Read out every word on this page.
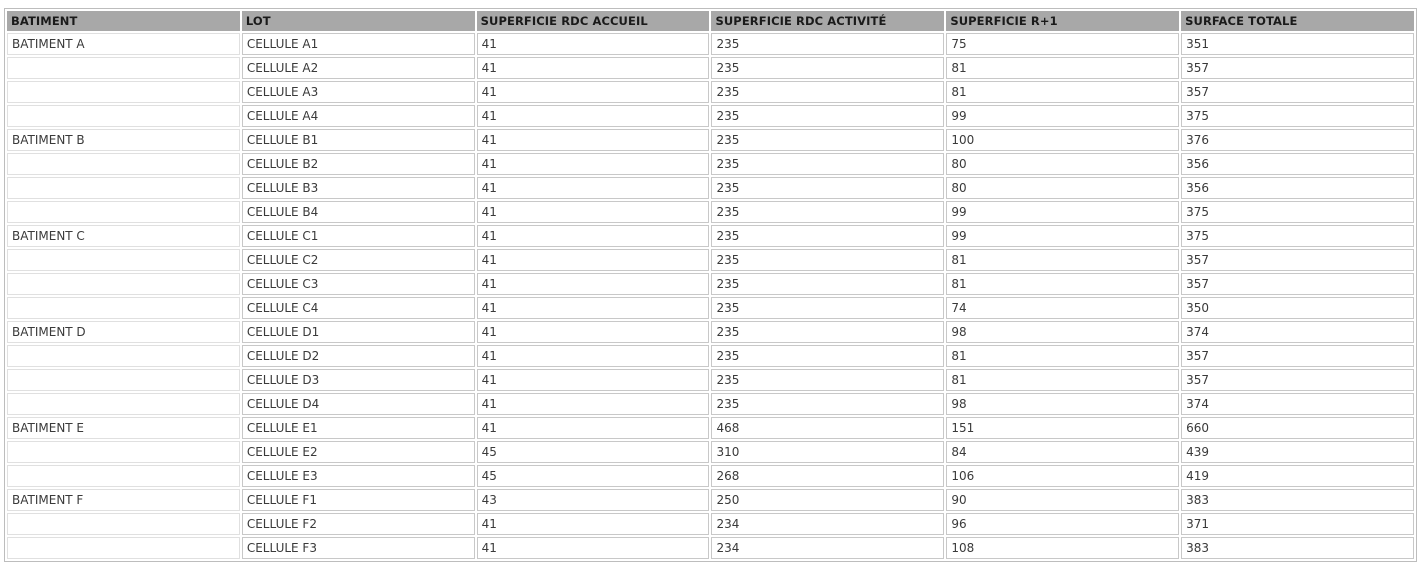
BATIMENT	LOT	SUPERFICIE RDC ACCUEIL	SUPERFICIE RDC ACTIVITÉ	SUPERFICIE R+1	SURFACE TOTALE
BATIMENT A	CELLULE A1	41	235	75	351
	CELLULE A2	41	235	81	357
	CELLULE A3	41	235	81	357
	CELLULE A4	41	235	99	375
BATIMENT B	CELLULE B1	41	235	100	376
	CELLULE B2	41	235	80	356
	CELLULE B3	41	235	80	356
	CELLULE B4	41	235	99	375
BATIMENT C	CELLULE C1	41	235	99	375
	CELLULE C2	41	235	81	357
	CELLULE C3	41	235	81	357
	CELLULE C4	41	235	74	350
BATIMENT D	CELLULE D1	41	235	98	374
	CELLULE D2	41	235	81	357
	CELLULE D3	41	235	81	357
	CELLULE D4	41	235	98	374
BATIMENT E	CELLULE E1	41	468	151	660
	CELLULE E2	45	310	84	439
	CELLULE E3	45	268	106	419
BATIMENT F	CELLULE F1	43	250	90	383
	CELLULE F2	41	234	96	371
	CELLULE F3	41	234	108	383
